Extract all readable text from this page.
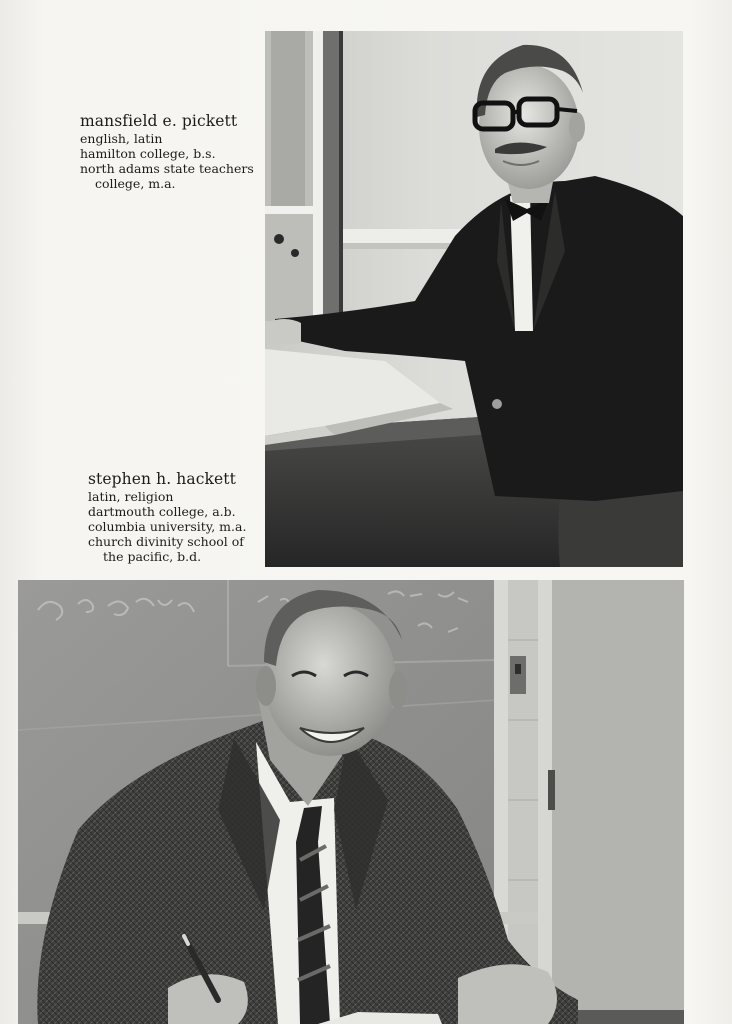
mansfield e. pickett
english, latin
hamilton college, b.s.
north adams state teachers
college, m.a.
stephen h. hackett
latin, religion
dartmouth college, a.b.
columbia university, m.a.
church divinity school of
the pacific, b.d.
